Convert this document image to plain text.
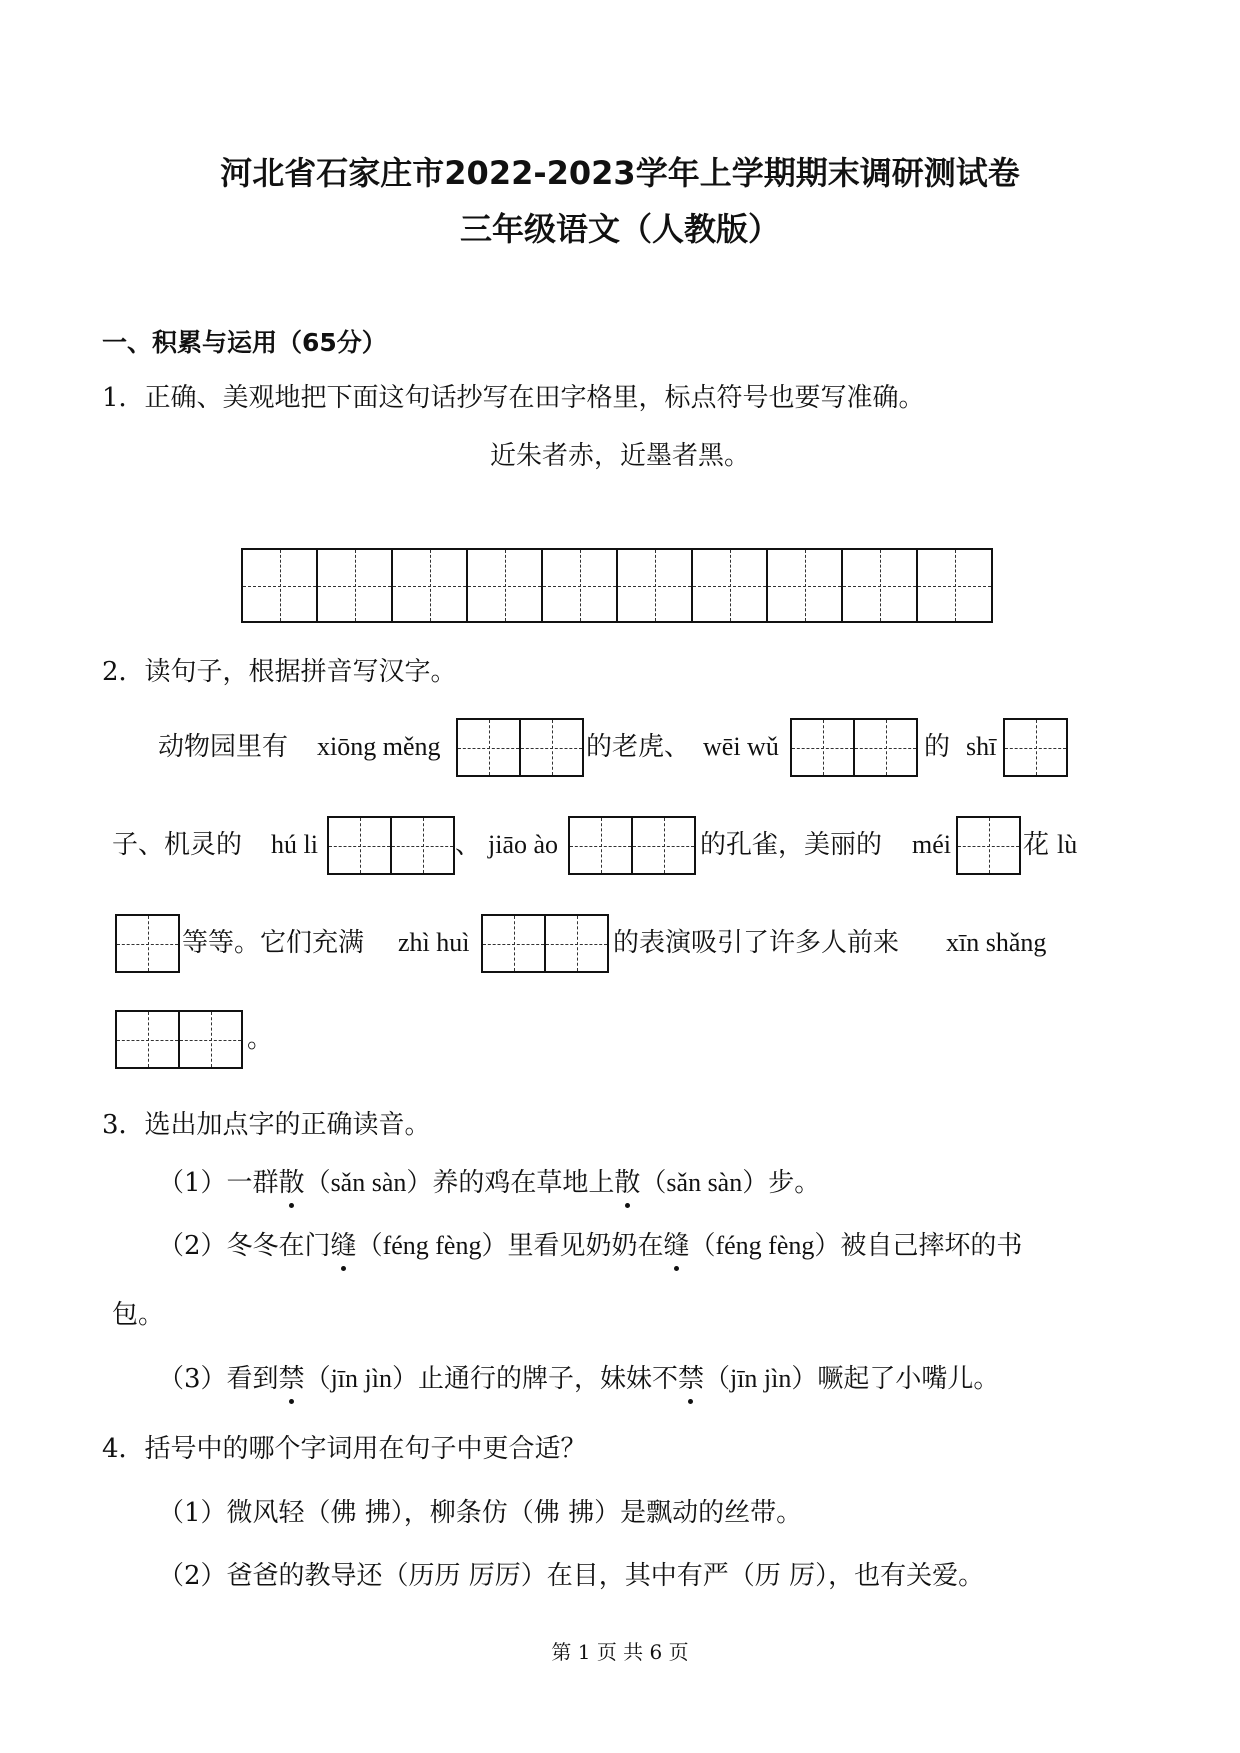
河北省石家庄市2022-2023学年上学期期末调研测试卷
三年级语文（人教版）
一、积累与运用（65分）
1．正确、美观地把下面这句话抄写在田字格里，标点符号也要写准确。
近朱者赤，近墨者黑。
2．读句子，根据拼音写汉字。
动物园里有 xiōng měng	的老虎、 wēi wǔ	的 shī
子、机灵的 hú li	、 jiāo ào	的孔雀，美丽的 méi	花 lù
等等。它们充满 zhì huì	的表演吸引了许多人前来 xīn shǎng
。
3．选出加点字的正确读音。
（1）一群散（sǎn sàn）养的鸡在草地上散（sǎn sàn）步。
（2）冬冬在门缝（féng fèng）里看见奶奶在缝（féng fèng）被自己摔坏的书
包。
（3）看到禁（jīn jìn）止通行的牌子，妹妹不禁（jīn jìn）噘起了小嘴儿。
4．括号中的哪个字词用在句子中更合适？
（1）微风轻（佛 拂），柳条仿（佛 拂）是飘动的丝带。
（2）爸爸的教导还（历历 厉厉）在目，其中有严（历 厉），也有关爱。
第 1 页 共 6 页
